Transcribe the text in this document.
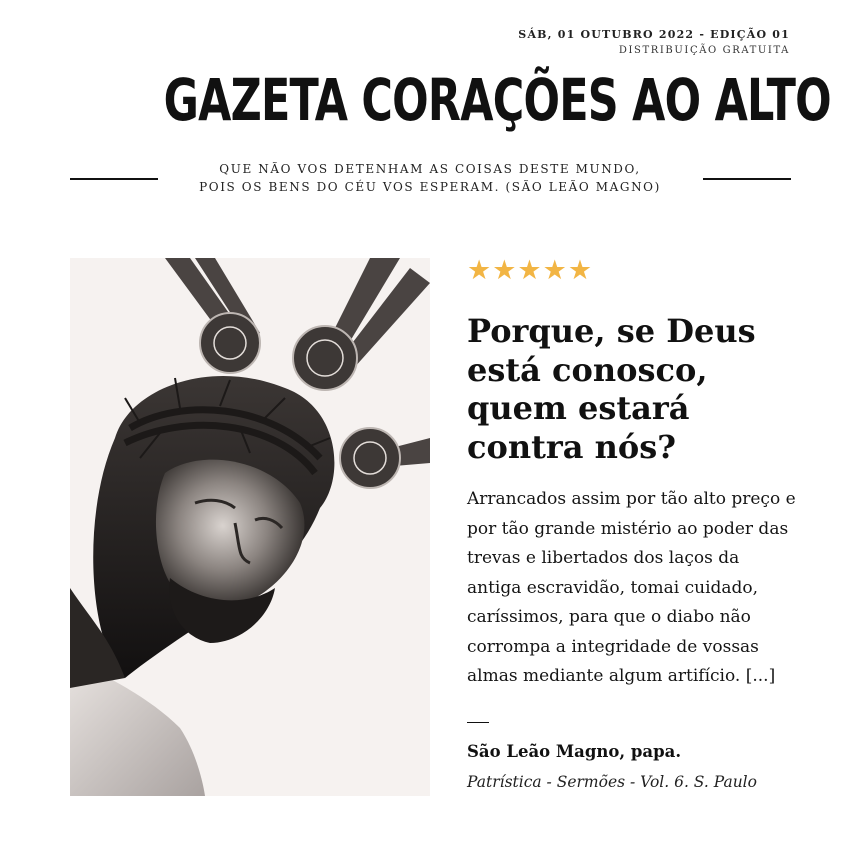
SÁB, 01 OUTUBRO 2022 - EDIÇÃO 01
DISTRIBUIÇÃO GRATUITA
GAZETA CORAÇÕES AO ALTO
QUE NÃO VOS DETENHAM AS COISAS DESTE MUNDO,
POIS OS BENS DO CÉU VOS ESPERAM. (SÃO LEÃO MAGNO)
★★★★★
Porque, se Deus está conosco, quem estará contra nós?

Arrancados assim por tão alto preço e por tão grande mistério ao poder das trevas e libertados dos laços da antiga escravidão, tomai cuidado, caríssimos, para que o diabo não corrompa a integridade de vossas almas mediante algum artifício. [...]

São Leão Magno, papa.
Patrística - Sermões - Vol. 6. S. Paulo
